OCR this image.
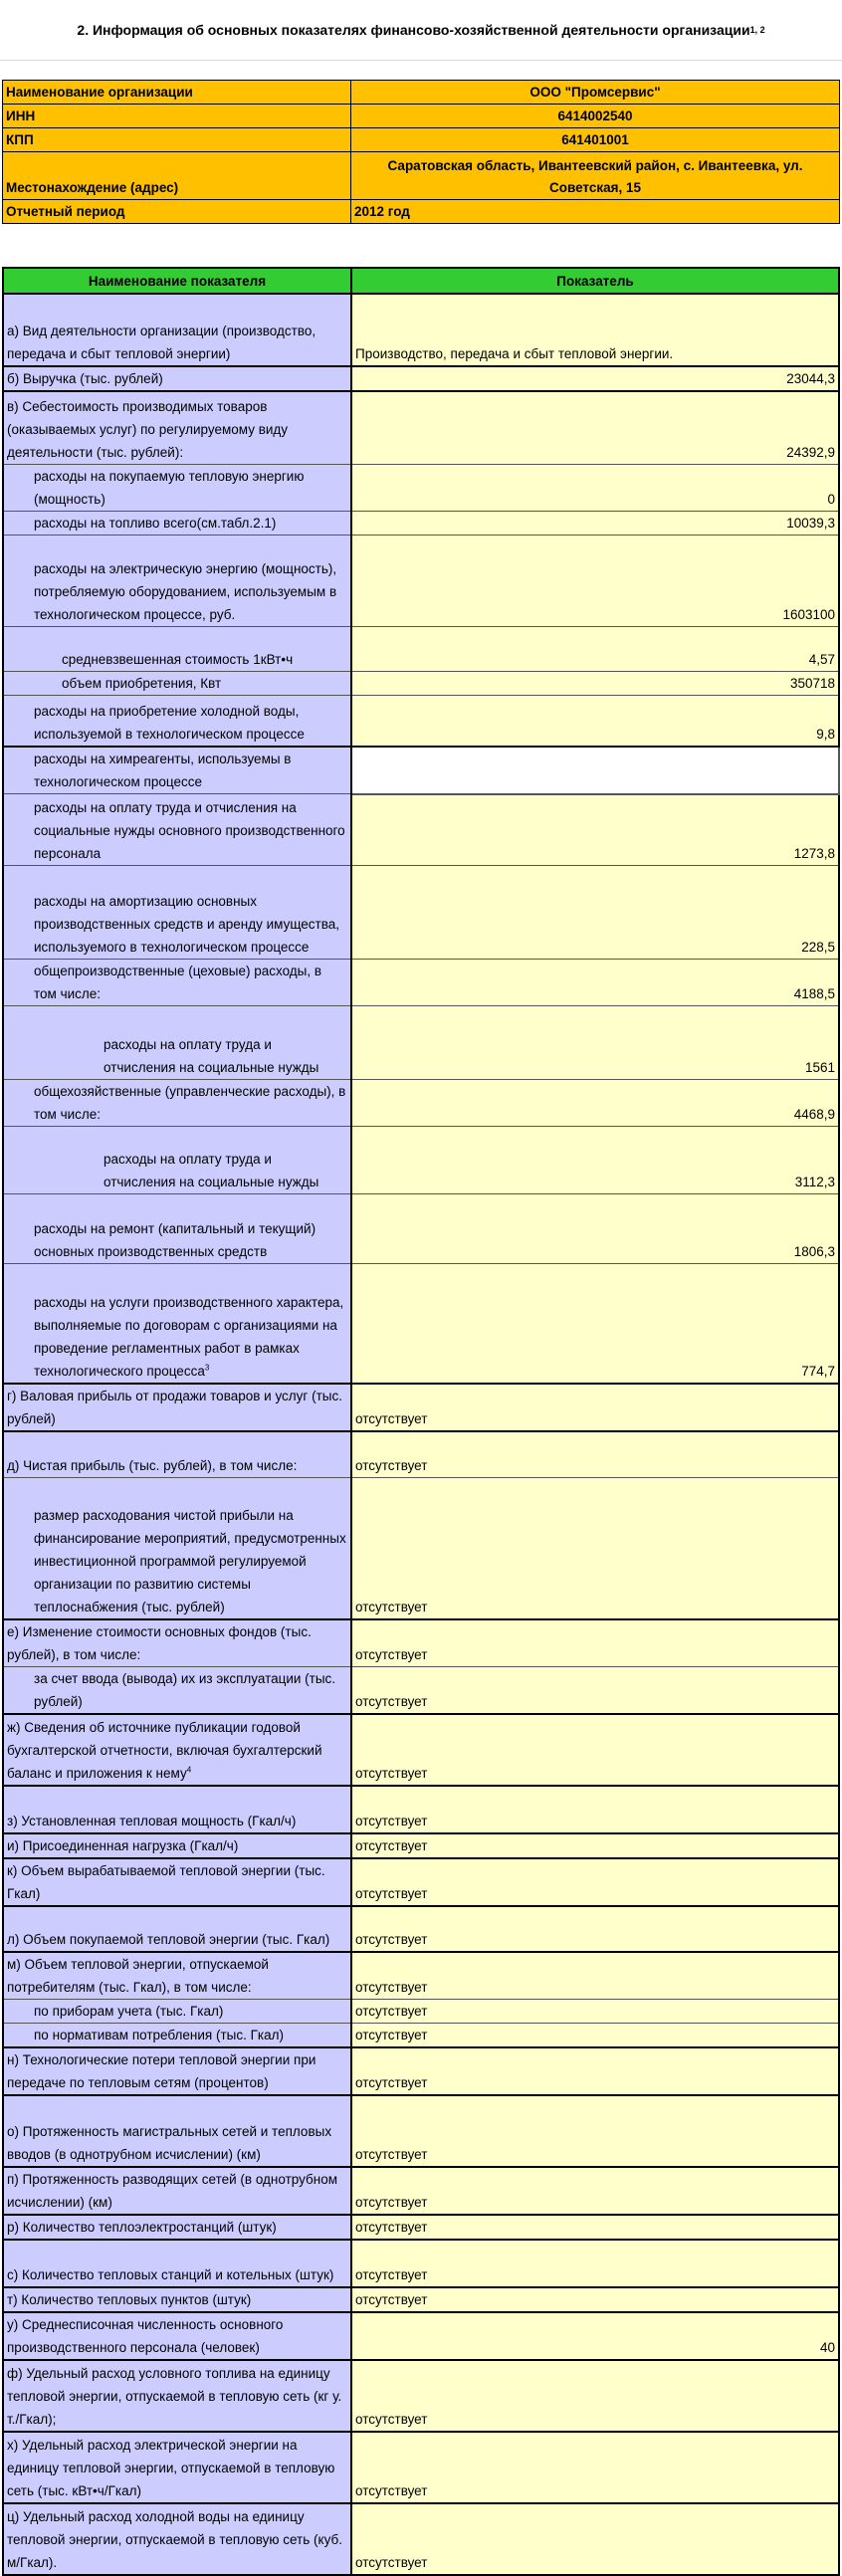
2. Информация об основных показателях финансово-хозяйственной деятельности организации 1, 2
Наименование организации	ООО "Промсервис"
ИНН	6414002540
КПП	641401001
Местонахождение (адрес)	Саратовская область, Ивантеевский район, с. Ивантеевка, ул. Советская, 15
Отчетный период	2012 год
Наименование показателя	Показатель
а) Вид деятельности организации (производство, передача и сбыт тепловой энергии)	Производство, передача и сбыт тепловой энергии.
б) Выручка (тыс. рублей)	23044,3
в) Себестоимость производимых товаров (оказываемых услуг) по регулируемому виду деятельности (тыс. рублей):	24392,9
расходы на покупаемую тепловую энергию (мощность)	0
расходы на топливо всего(см.табл.2.1)	10039,3
расходы на электрическую энергию (мощность), потребляемую оборудованием, используемым в технологическом процессе, руб.	1603100
средневзвешенная стоимость 1кВт•ч	4,57
объем приобретения, Квт	350718
расходы на приобретение холодной воды, используемой в технологическом процессе	9,8
расходы на химреагенты, используемы в технологическом процессе	
расходы на оплату труда и отчисления на социальные нужды основного производственного персонала	1273,8
расходы на амортизацию основных производственных средств и аренду имущества, используемого в технологическом процессе	228,5
общепроизводственные (цеховые) расходы, в том числе:	4188,5
расходы на оплату труда и отчисления на социальные нужды	1561
общехозяйственные (управленческие расходы), в том числе:	4468,9
расходы на оплату труда и отчисления на социальные нужды	3112,3
расходы на ремонт (капитальный и текущий) основных производственных средств	1806,3
расходы на услуги производственного характера, выполняемые по договорам с организациями на проведение регламентных работ в рамках технологического процесса$^3$	774,7
г) Валовая прибыль от продажи товаров и услуг (тыс. рублей)	отсутствует
д) Чистая прибыль (тыс. рублей), в том числе:	отсутствует
размер расходования чистой прибыли на финансирование мероприятий, предусмотренных инвестиционной программой регулируемой организации по развитию системы теплоснабжения (тыс. рублей)	отсутствует
е) Изменение стоимости основных фондов (тыс. рублей), в том числе:	отсутствует
за счет ввода (вывода) их из эксплуатации (тыс. рублей)	отсутствует
ж) Сведения об источнике публикации годовой бухгалтерской отчетности, включая бухгалтерский баланс и приложения к нему$^4$	отсутствует
з) Установленная тепловая мощность (Гкал/ч)	отсутствует
и) Присоединенная нагрузка (Гкал/ч)	отсутствует
к) Объем вырабатываемой тепловой энергии (тыс. Гкал)	отсутствует
л) Объем покупаемой тепловой энергии (тыс. Гкал)	отсутствует
м) Объем тепловой энергии, отпускаемой потребителям (тыс. Гкал), в том числе:	отсутствует
по приборам учета (тыс. Гкал)	отсутствует
по нормативам потребления (тыс. Гкал)	отсутствует
н) Технологические потери тепловой энергии при передаче по тепловым сетям (процентов)	отсутствует
о) Протяженность магистральных сетей и тепловых вводов (в однотрубном исчислении) (км)	отсутствует
п) Протяженность разводящих сетей (в однотрубном исчислении) (км)	отсутствует
р) Количество теплоэлектростанций (штук)	отсутствует
с) Количество тепловых станций и котельных (штук)	отсутствует
т) Количество тепловых пунктов (штук)	отсутствует
у) Среднесписочная численность основного производственного персонала (человек)	40
ф) Удельный расход условного топлива на единицу тепловой энергии, отпускаемой в тепловую сеть (кг у. т./Гкал);	отсутствует
х) Удельный расход электрической энергии на единицу тепловой энергии, отпускаемой в тепловую сеть (тыс. кВт•ч/Гкал)	отсутствует
ц) Удельный расход холодной воды на единицу тепловой энергии, отпускаемой в тепловую сеть (куб. м/Гкал).	отсутствует
